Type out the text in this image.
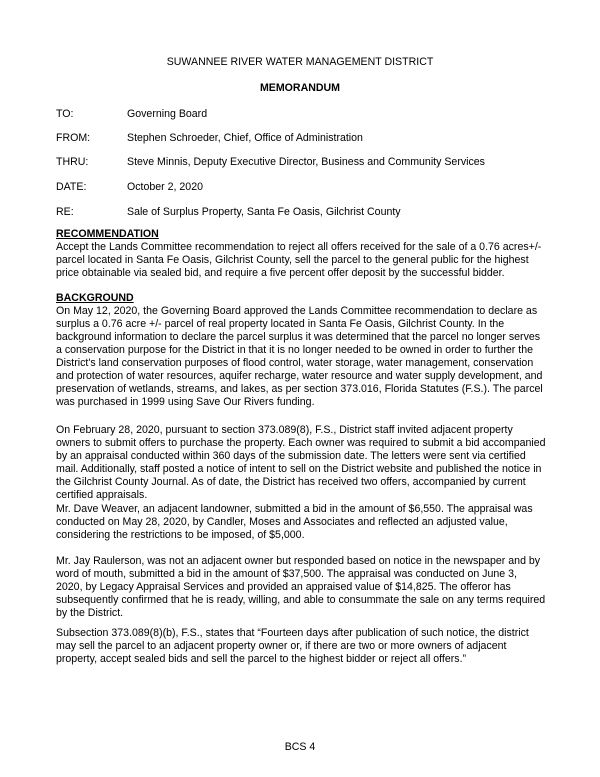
SUWANNEE RIVER WATER MANAGEMENT DISTRICT
MEMORANDUM
TO:	Governing Board
FROM:	Stephen Schroeder, Chief, Office of Administration
THRU:	Steve Minnis, Deputy Executive Director, Business and Community Services
DATE:	October 2, 2020
RE:	Sale of Surplus Property, Santa Fe Oasis, Gilchrist County
RECOMMENDATION

Accept the Lands Committee recommendation to reject all offers received for the sale of a 0.76 acres+/- parcel located in Santa Fe Oasis, Gilchrist County, sell the parcel to the general public for the highest price obtainable via sealed bid, and require a five percent offer deposit by the successful bidder.

BACKGROUND

On May 12, 2020, the Governing Board approved the Lands Committee recommendation to declare as surplus a 0.76 acre +/- parcel of real property located in Santa Fe Oasis, Gilchrist County. In the background information to declare the parcel surplus it was determined that the parcel no longer serves a conservation purpose for the District in that it is no longer needed to be owned in order to further the District's land conservation purposes of flood control, water storage, water management, conservation and protection of water resources, aquifer recharge, water resource and water supply development, and preservation of wetlands, streams, and lakes, as per section 373.016, Florida Statutes (F.S.). The parcel was purchased in 1999 using Save Our Rivers funding.

On February 28, 2020, pursuant to section 373.089(8), F.S., District staff invited adjacent property owners to submit offers to purchase the property. Each owner was required to submit a bid accompanied by an appraisal conducted within 360 days of the submission date. The letters were sent via certified mail. Additionally, staff posted a notice of intent to sell on the District website and published the notice in the Gilchrist County Journal. As of date, the District has received two offers, accompanied by current certified appraisals.

Mr. Dave Weaver, an adjacent landowner, submitted a bid in the amount of $6,550. The appraisal was conducted on May 28, 2020, by Candler, Moses and Associates and reflected an adjusted value, considering the restrictions to be imposed, of $5,000.

Mr. Jay Raulerson, was not an adjacent owner but responded based on notice in the newspaper and by word of mouth, submitted a bid in the amount of $37,500. The appraisal was conducted on June 3, 2020, by Legacy Appraisal Services and provided an appraised value of $14,825. The offeror has subsequently confirmed that he is ready, willing, and able to consummate the sale on any terms required by the District.

Subsection 373.089(8)(b), F.S., states that “Fourteen days after publication of such notice, the district may sell the parcel to an adjacent property owner or, if there are two or more owners of adjacent property, accept sealed bids and sell the parcel to the highest bidder or reject all offers.”

BCS 4
